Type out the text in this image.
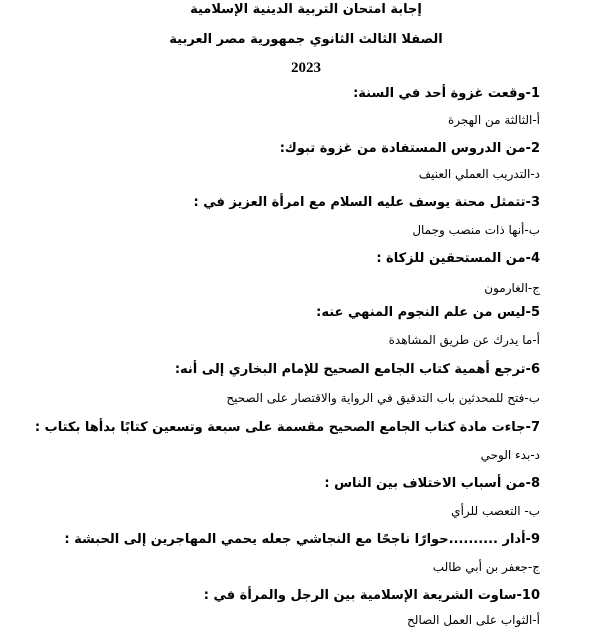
إجابة امتحان التربية الدينية الإسلامية
الصفلا الثالث الثانوي جمهورية مصر العربية
2023
1-وقعت غزوة أحد في السنة:
أ-الثالثة من الهجرة
2-من الدروس المستفادة من غزوة تبوك:
د-التدريب العملي العنيف
3-تتمثل محنة يوسف عليه السلام مع امرأة العزيز في :
ب-أنها ذات منصب وجمال
4-من المستحقين للزكاة :
ج-الغارمون
5-ليس من علم النجوم المنهي عنه:
أ-ما يدرك عن طريق المشاهدة
6-ترجع أهمية كتاب الجامع الصحيح للإمام البخاري إلى أنه:
ب-فتح للمحدثين باب التدقيق في الرواية والاقتصار على الصحيح
7-جاءت مادة كتاب الجامع الصحيح مقسمة على سبعة وتسعين كتابًا بدأها بكتاب :
د-بدء الوحي
8-من أسباب الاختلاف بين الناس :
ب- التعصب للرأي
9-أدار ..........حوارًا ناجحًا مع النجاشي جعله يحمي المهاجرين إلى الحبشة :
ج-جعفر بن أبي طالب
10-ساوت الشريعة الإسلامية بين الرجل والمرأة في :
أ-الثواب على العمل الصالح
